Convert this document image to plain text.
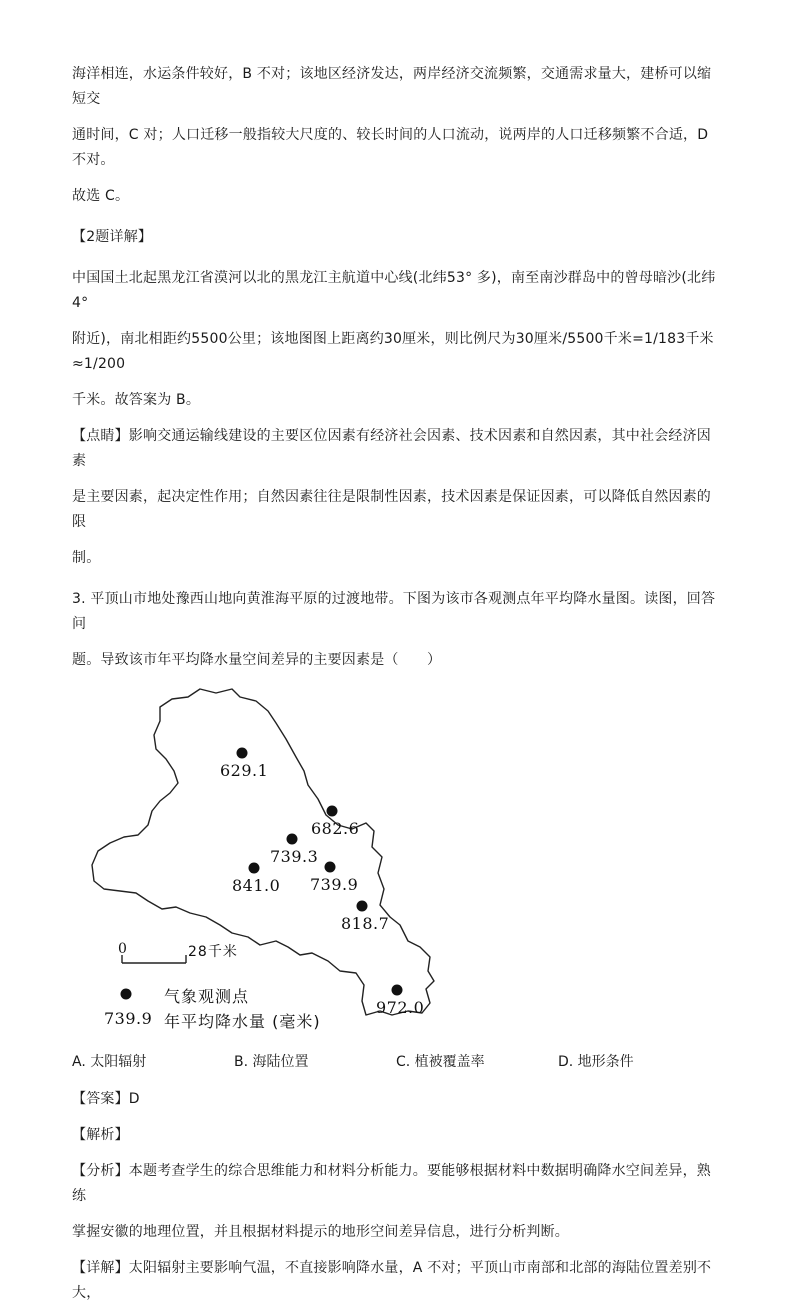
海洋相连，水运条件较好，B 不对；该地区经济发达，两岸经济交流频繁，交通需求量大，建桥可以缩短交

通时间，C 对；人口迁移一般指较大尺度的、较长时间的人口流动，说两岸的人口迁移频繁不合适，D 不对。

故选 C。

【2题详解】

中国国土北起黑龙江省漠河以北的黑龙江主航道中心线(北纬53° 多)，南至南沙群岛中的曾母暗沙(北纬4°

附近)，南北相距约5500公里；该地图图上距离约30厘米，则比例尺为30厘米/5500千米=1/183千米≈1/200

千米。故答案为 B。

【点睛】影响交通运输线建设的主要区位因素有经济社会因素、技术因素和自然因素，其中社会经济因素

是主要因素，起决定性作用；自然因素往往是限制性因素，技术因素是保证因素，可以降低自然因素的限

制。

3. 平顶山市地处豫西山地向黄淮海平原的过渡地带。下图为该市各观测点年平均降水量图。读图，回答问

题。导致该市年平均降水量空间差异的主要因素是（　　）

629.1
682.6
739.3
841.0 739.9
818.7
972.0
0	28千米
气象观测点
739.9 年平均降水量 (毫米)
A. 太阳辐射	B. 海陆位置	C. 植被覆盖率	D. 地形条件

【答案】D

【解析】

【分析】本题考查学生的综合思维能力和材料分析能力。要能够根据材料中数据明确降水空间差异，熟练

掌握安徽的地理位置，并且根据材料提示的地形空间差异信息，进行分析判断。

【详解】太阳辐射主要影响气温，不直接影响降水量，A 不对；平顶山市南部和北部的海陆位置差别不大，
